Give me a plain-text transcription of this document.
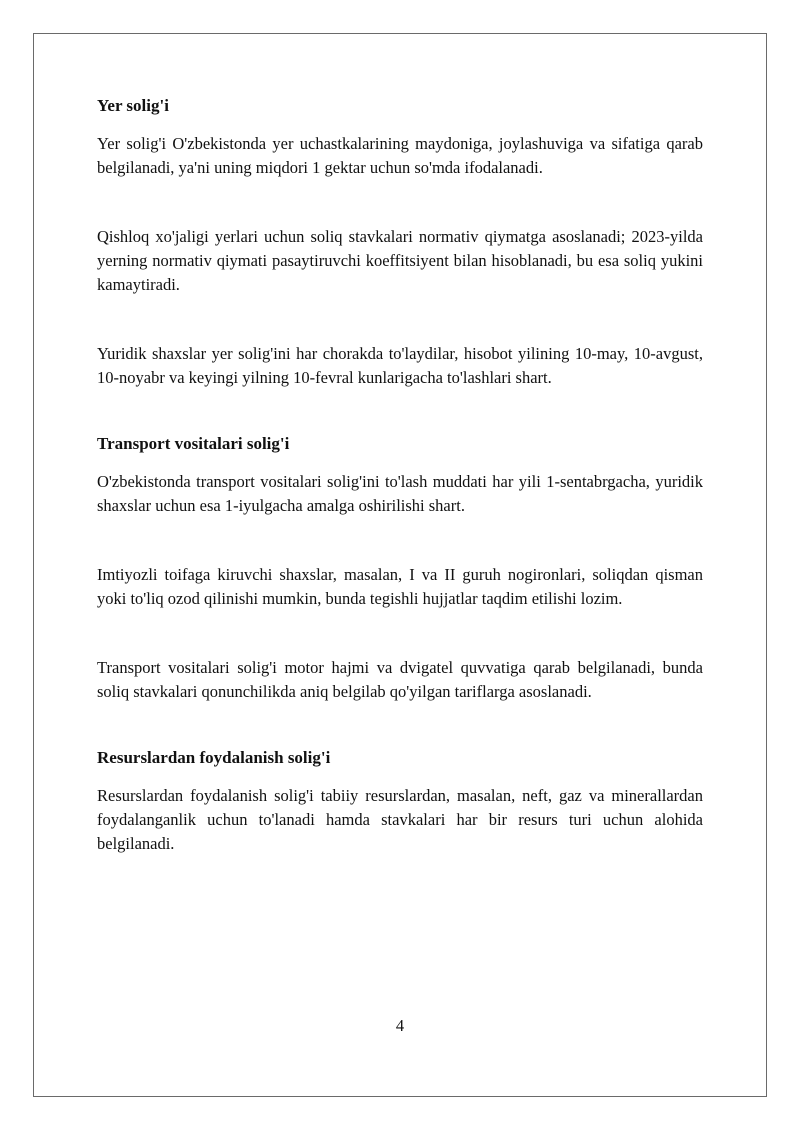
Yer solig'i

Yer solig'i O'zbekistonda yer uchastkalarining maydoniga, joylashuviga va sifatiga qarab belgilanadi, ya'ni uning miqdori 1 gektar uchun so'mda ifodalanadi.

Qishloq xo'jaligi yerlari uchun soliq stavkalari normativ qiymatga asoslanadi; 2023-yilda yerning normativ qiymati pasaytiruvchi koeffitsiyent bilan hisoblanadi, bu esa soliq yukini kamaytiradi.

Yuridik shaxslar yer solig'ini har chorakda to'laydilar, hisobot yilining 10-may, 10-avgust, 10-noyabr va keyingi yilning 10-fevral kunlarigacha to'lashlari shart.

Transport vositalari solig'i

O'zbekistonda transport vositalari solig'ini to'lash muddati har yili 1-sentabrgacha, yuridik shaxslar uchun esa 1-iyulgacha amalga oshirilishi shart.

Imtiyozli toifaga kiruvchi shaxslar, masalan, I va II guruh nogironlari, soliqdan qisman yoki to'liq ozod qilinishi mumkin, bunda tegishli hujjatlar taqdim etilishi lozim.

Transport vositalari solig'i motor hajmi va dvigatel quvvatiga qarab belgilanadi, bunda soliq stavkalari qonunchilikda aniq belgilab qo'yilgan tariflarga asoslanadi.

Resurslardan foydalanish solig'i

Resurslardan foydalanish solig'i tabiiy resurslardan, masalan, neft, gaz va minerallardan foydalanganlik uchun to'lanadi hamda stavkalari har bir resurs turi uchun alohida belgilanadi.

4
